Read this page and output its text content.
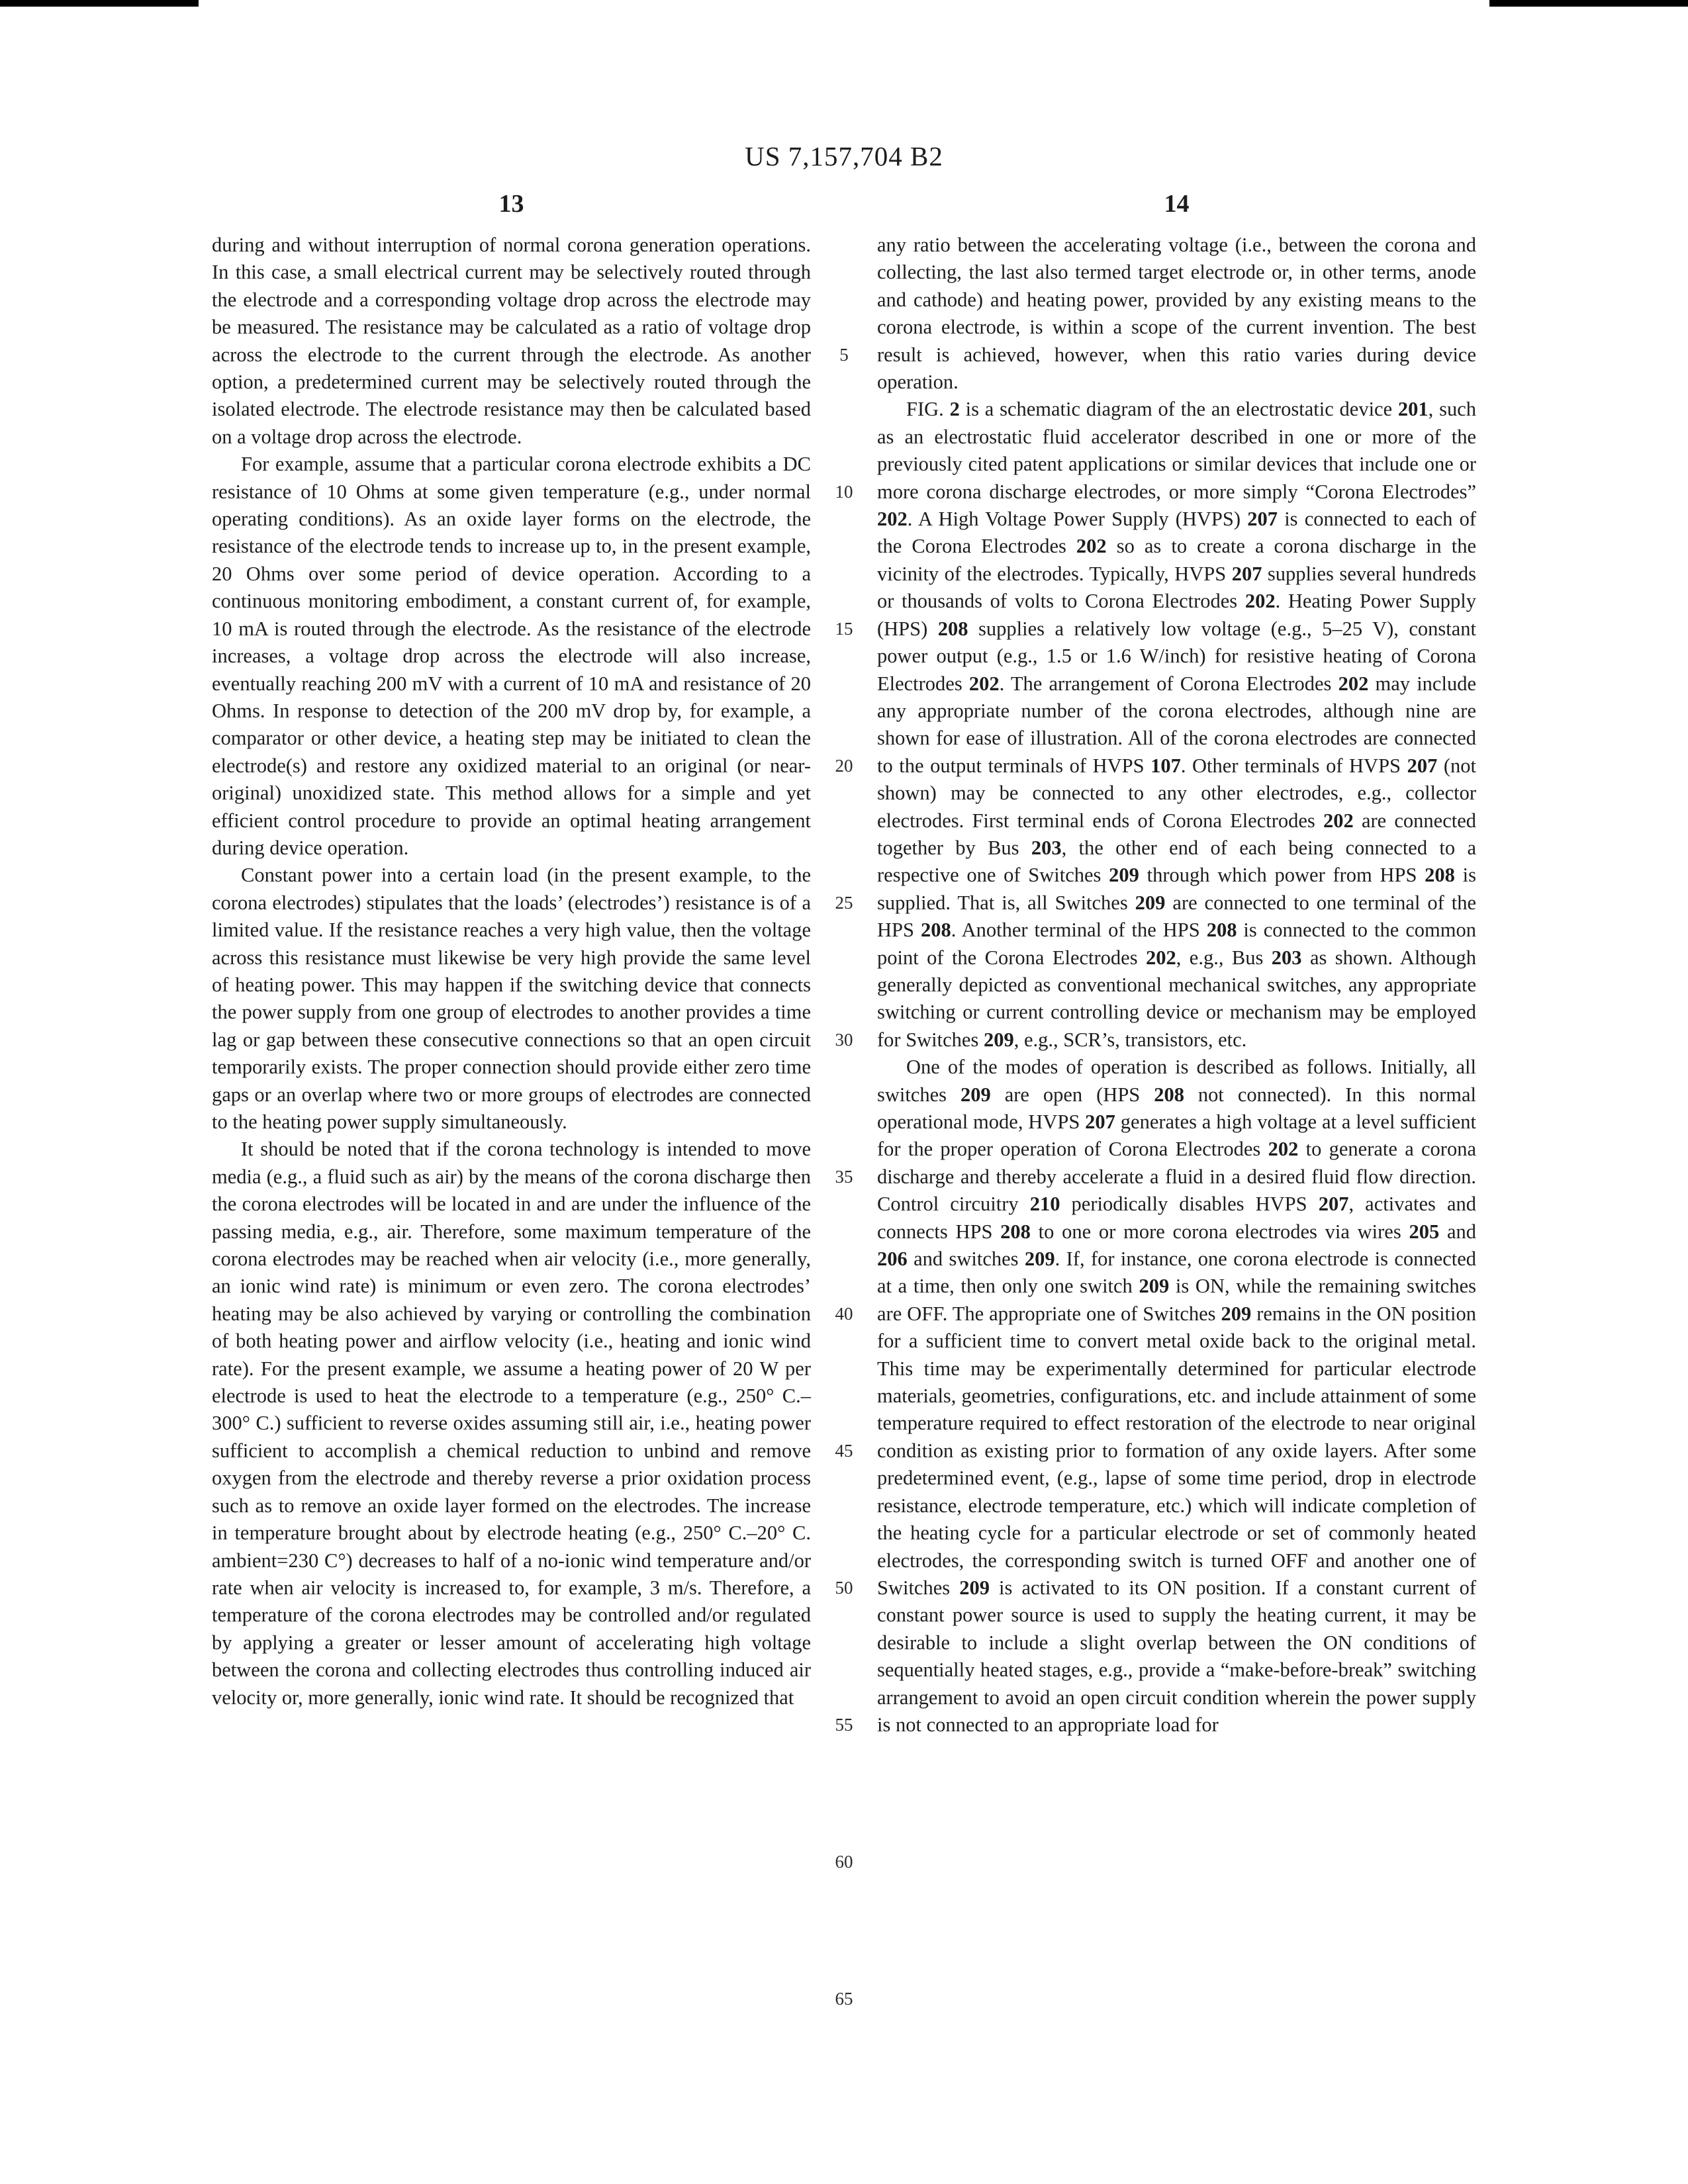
US 7,157,704 B2
13	14

during and without interruption of normal corona generation operations. In this case, a small electrical current may be selectively routed through the electrode and a corresponding voltage drop across the electrode may be measured. The resistance may be calculated as a ratio of voltage drop across the electrode to the current through the electrode. As another option, a predetermined current may be selectively routed through the isolated electrode. The electrode resistance may then be calculated based on a voltage drop across the electrode.

For example, assume that a particular corona electrode exhibits a DC resistance of 10 Ohms at some given temperature (e.g., under normal operating conditions). As an oxide layer forms on the electrode, the resistance of the electrode tends to increase up to, in the present example, 20 Ohms over some period of device operation. According to a continuous monitoring embodiment, a constant current of, for example, 10 mA is routed through the electrode. As the resistance of the electrode increases, a voltage drop across the electrode will also increase, eventually reaching 200 mV with a current of 10 mA and resistance of 20 Ohms. In response to detection of the 200 mV drop by, for example, a comparator or other device, a heating step may be initiated to clean the electrode(s) and restore any oxidized material to an original (or near-original) unoxidized state. This method allows for a simple and yet efficient control procedure to provide an optimal heating arrangement during device operation.

Constant power into a certain load (in the present example, to the corona electrodes) stipulates that the loads’ (electrodes’) resistance is of a limited value. If the resistance reaches a very high value, then the voltage across this resistance must likewise be very high provide the same level of heating power. This may happen if the switching device that connects the power supply from one group of electrodes to another provides a time lag or gap between these consecutive connections so that an open circuit temporarily exists. The proper connection should provide either zero time gaps or an overlap where two or more groups of electrodes are connected to the heating power supply simultaneously.

It should be noted that if the corona technology is intended to move media (e.g., a fluid such as air) by the means of the corona discharge then the corona electrodes will be located in and are under the influence of the passing media, e.g., air. Therefore, some maximum temperature of the corona electrodes may be reached when air velocity (i.e., more generally, an ionic wind rate) is minimum or even zero. The corona electrodes’ heating may be also achieved by varying or controlling the combination of both heating power and airflow velocity (i.e., heating and ionic wind rate). For the present example, we assume a heating power of 20 W per electrode is used to heat the electrode to a temperature (e.g., 250° C.–300° C.) sufficient to reverse oxides assuming still air, i.e., heating power sufficient to accomplish a chemical reduction to unbind and remove oxygen from the electrode and thereby reverse a prior oxidation process such as to remove an oxide layer formed on the electrodes. The increase in temperature brought about by electrode heating (e.g., 250° C.–20° C. ambient=230 C°) decreases to half of a no-ionic wind temperature and/or rate when air velocity is increased to, for example, 3 m/s. Therefore, a temperature of the corona electrodes may be controlled and/or regulated by applying a greater or lesser amount of accelerating high voltage between the corona and collecting electrodes thus controlling induced air velocity or, more generally, ionic wind rate. It should be recognized that

5
10
15
20
25
30
35
40
45
50
55
60
65

any ratio between the accelerating voltage (i.e., between the corona and collecting, the last also termed target electrode or, in other terms, anode and cathode) and heating power, provided by any existing means to the corona electrode, is within a scope of the current invention. The best result is achieved, however, when this ratio varies during device operation.

FIG. 2 is a schematic diagram of the an electrostatic device 201, such as an electrostatic fluid accelerator described in one or more of the previously cited patent applications or similar devices that include one or more corona discharge electrodes, or more simply “Corona Electrodes” 202. A High Voltage Power Supply (HVPS) 207 is connected to each of the Corona Electrodes 202 so as to create a corona discharge in the vicinity of the electrodes. Typically, HVPS 207 supplies several hundreds or thousands of volts to Corona Electrodes 202. Heating Power Supply (HPS) 208 supplies a relatively low voltage (e.g., 5–25 V), constant power output (e.g., 1.5 or 1.6 W/inch) for resistive heating of Corona Electrodes 202. The arrangement of Corona Electrodes 202 may include any appropriate number of the corona electrodes, although nine are shown for ease of illustration. All of the corona electrodes are connected to the output terminals of HVPS 107. Other terminals of HVPS 207 (not shown) may be connected to any other electrodes, e.g., collector electrodes. First terminal ends of Corona Electrodes 202 are connected together by Bus 203, the other end of each being connected to a respective one of Switches 209 through which power from HPS 208 is supplied. That is, all Switches 209 are connected to one terminal of the HPS 208. Another terminal of the HPS 208 is connected to the common point of the Corona Electrodes 202, e.g., Bus 203 as shown. Although generally depicted as conventional mechanical switches, any appropriate switching or current controlling device or mechanism may be employed for Switches 209, e.g., SCR’s, transistors, etc.

One of the modes of operation is described as follows. Initially, all switches 209 are open (HPS 208 not connected). In this normal operational mode, HVPS 207 generates a high voltage at a level sufficient for the proper operation of Corona Electrodes 202 to generate a corona discharge and thereby accelerate a fluid in a desired fluid flow direction. Control circuitry 210 periodically disables HVPS 207, activates and connects HPS 208 to one or more corona electrodes via wires 205 and 206 and switches 209. If, for instance, one corona electrode is connected at a time, then only one switch 209 is ON, while the remaining switches are OFF. The appropriate one of Switches 209 remains in the ON position for a sufficient time to convert metal oxide back to the original metal. This time may be experimentally determined for particular electrode materials, geometries, configurations, etc. and include attainment of some temperature required to effect restoration of the electrode to near original condition as existing prior to formation of any oxide layers. After some predetermined event, (e.g., lapse of some time period, drop in electrode resistance, electrode temperature, etc.) which will indicate completion of the heating cycle for a particular electrode or set of commonly heated electrodes, the corresponding switch is turned OFF and another one of Switches 209 is activated to its ON position. If a constant current of constant power source is used to supply the heating current, it may be desirable to include a slight overlap between the ON conditions of sequentially heated stages, e.g., provide a “make-before-break” switching arrangement to avoid an open circuit condition wherein the power supply is not connected to an appropriate load for
